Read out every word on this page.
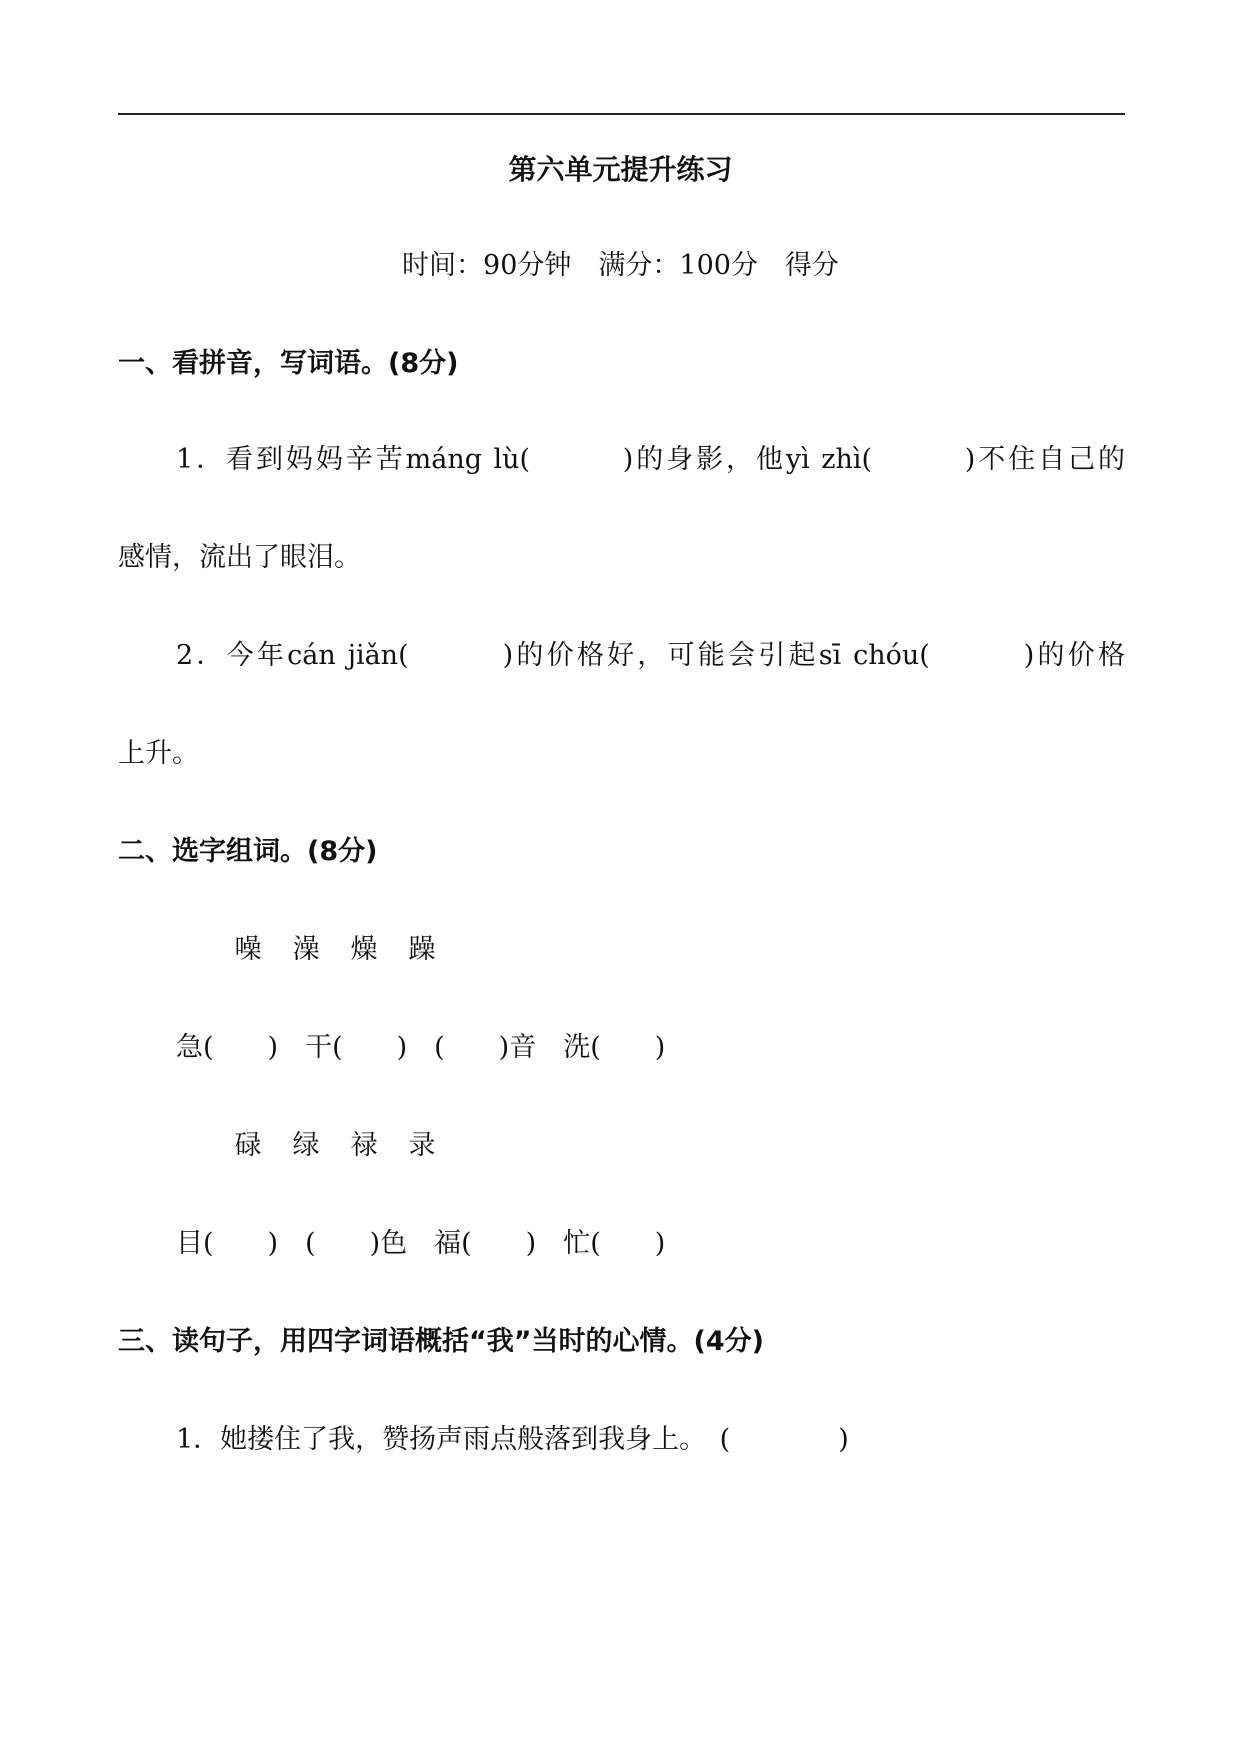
第六单元提升练习
时间：90分钟　满分：100分　得分
一、看拼音，写词语。(8分)
1．看到妈妈辛苦máng lù(　　　)的身影，他yì zhì(　　　)不住自己的
感情，流出了眼泪。
2．今年cán jiǎn(　　　)的价格好，可能会引起sī chóu(　　　)的价格
上升。
二、选字组词。(8分)
噪 澡 燥 躁
急(　　)　干(　　)　(　　)音　洗(　　)
碌 绿 禄 录
目(　　)　(　　)色　福(　　)　忙(　　)
三、读句子，用四字词语概括“我”当时的心情。(4分)
1．她搂住了我，赞扬声雨点般落到我身上。　(　　　　)
